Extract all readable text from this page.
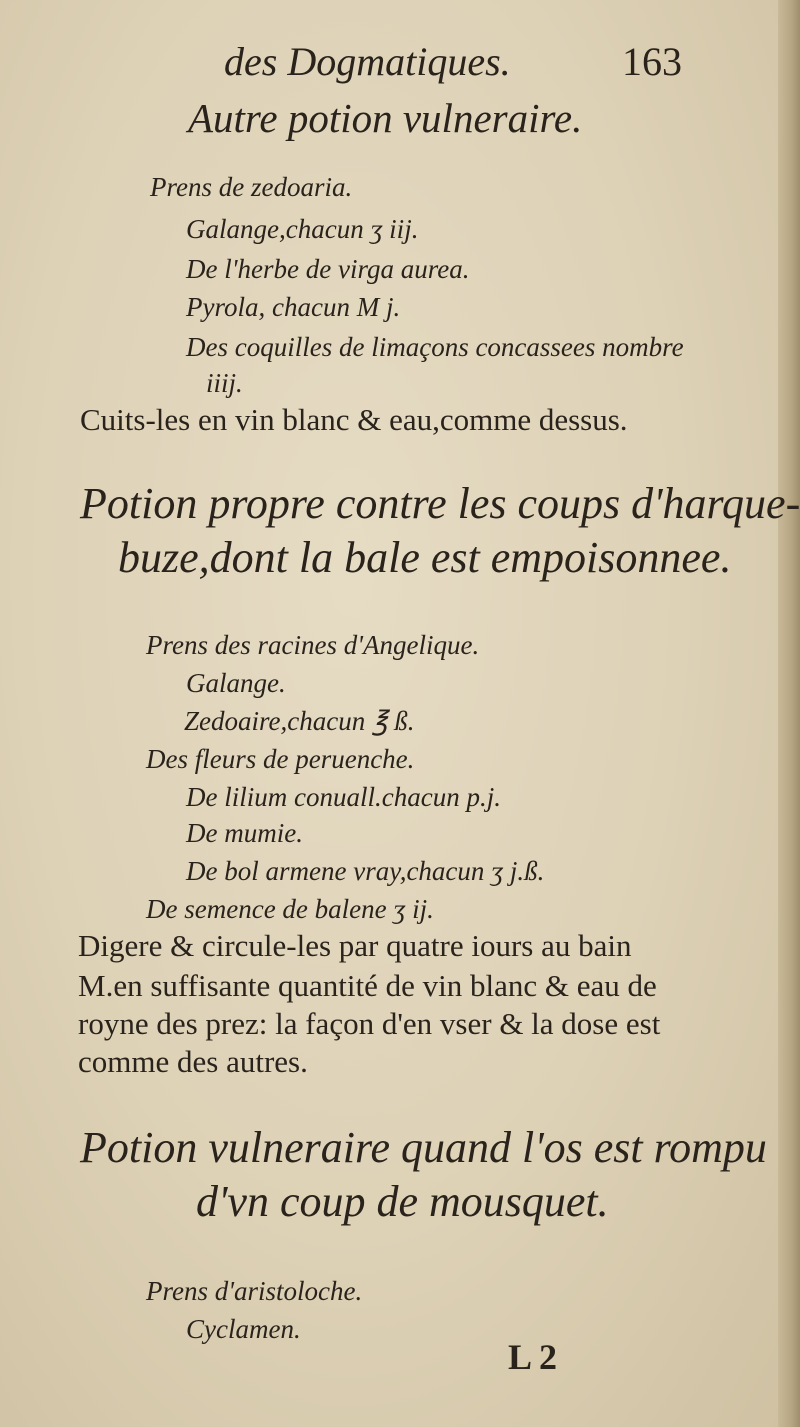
des Dogmatiques.	163
Autre potion vulneraire.
Prens de zedoaria.
Galange,chacun ʒ iij.
De l'herbe de virga aurea.
Pyrola, chacun M j.
Des coquilles de limaçons concassees nombre
iiij.
Cuits-les en vin blanc & eau,comme dessus.
Potion propre contre les coups d'harque-
buze,dont la bale est empoisonnee.
Prens des racines d'Angelique.
Galange.
Zedoaire,chacun ℥ ß.
Des fleurs de peruenche.
De lilium conuall.chacun p.j.
De mumie.
De bol armene vray,chacun ʒ j.ß.
De semence de balene ʒ ij.
Digere & circule-les par quatre iours au bain
M.en suffisante quantité de vin blanc & eau de
royne des prez: la façon d'en vser & la dose est
comme des autres.
Potion vulneraire quand l'os est rompu
d'vn coup de mousquet.
Prens d'aristoloche.
Cyclamen.
L 2
